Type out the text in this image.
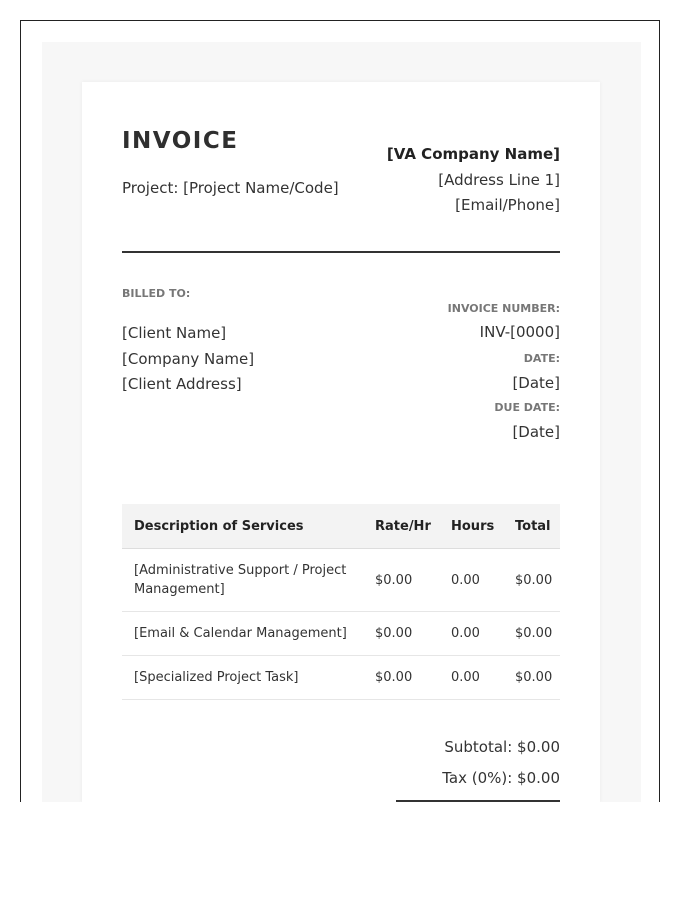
INVOICE
Project: [Project Name/Code]
[VA Company Name]
[Address Line 1]
[Email/Phone]
BILLED TO:
[Client Name]
[Company Name]
[Client Address]
INVOICE NUMBER:
INV-[0000]
DATE:
[Date]
DUE DATE:
[Date]
Description of Services	Rate/Hr	Hours	Total
[Administrative Support / Project Management]	$0.00	0.00	$0.00
[Email & Calendar Management]	$0.00	0.00	$0.00
[Specialized Project Task]	$0.00	0.00	$0.00
Subtotal: $0.00
Tax (0%): $0.00
